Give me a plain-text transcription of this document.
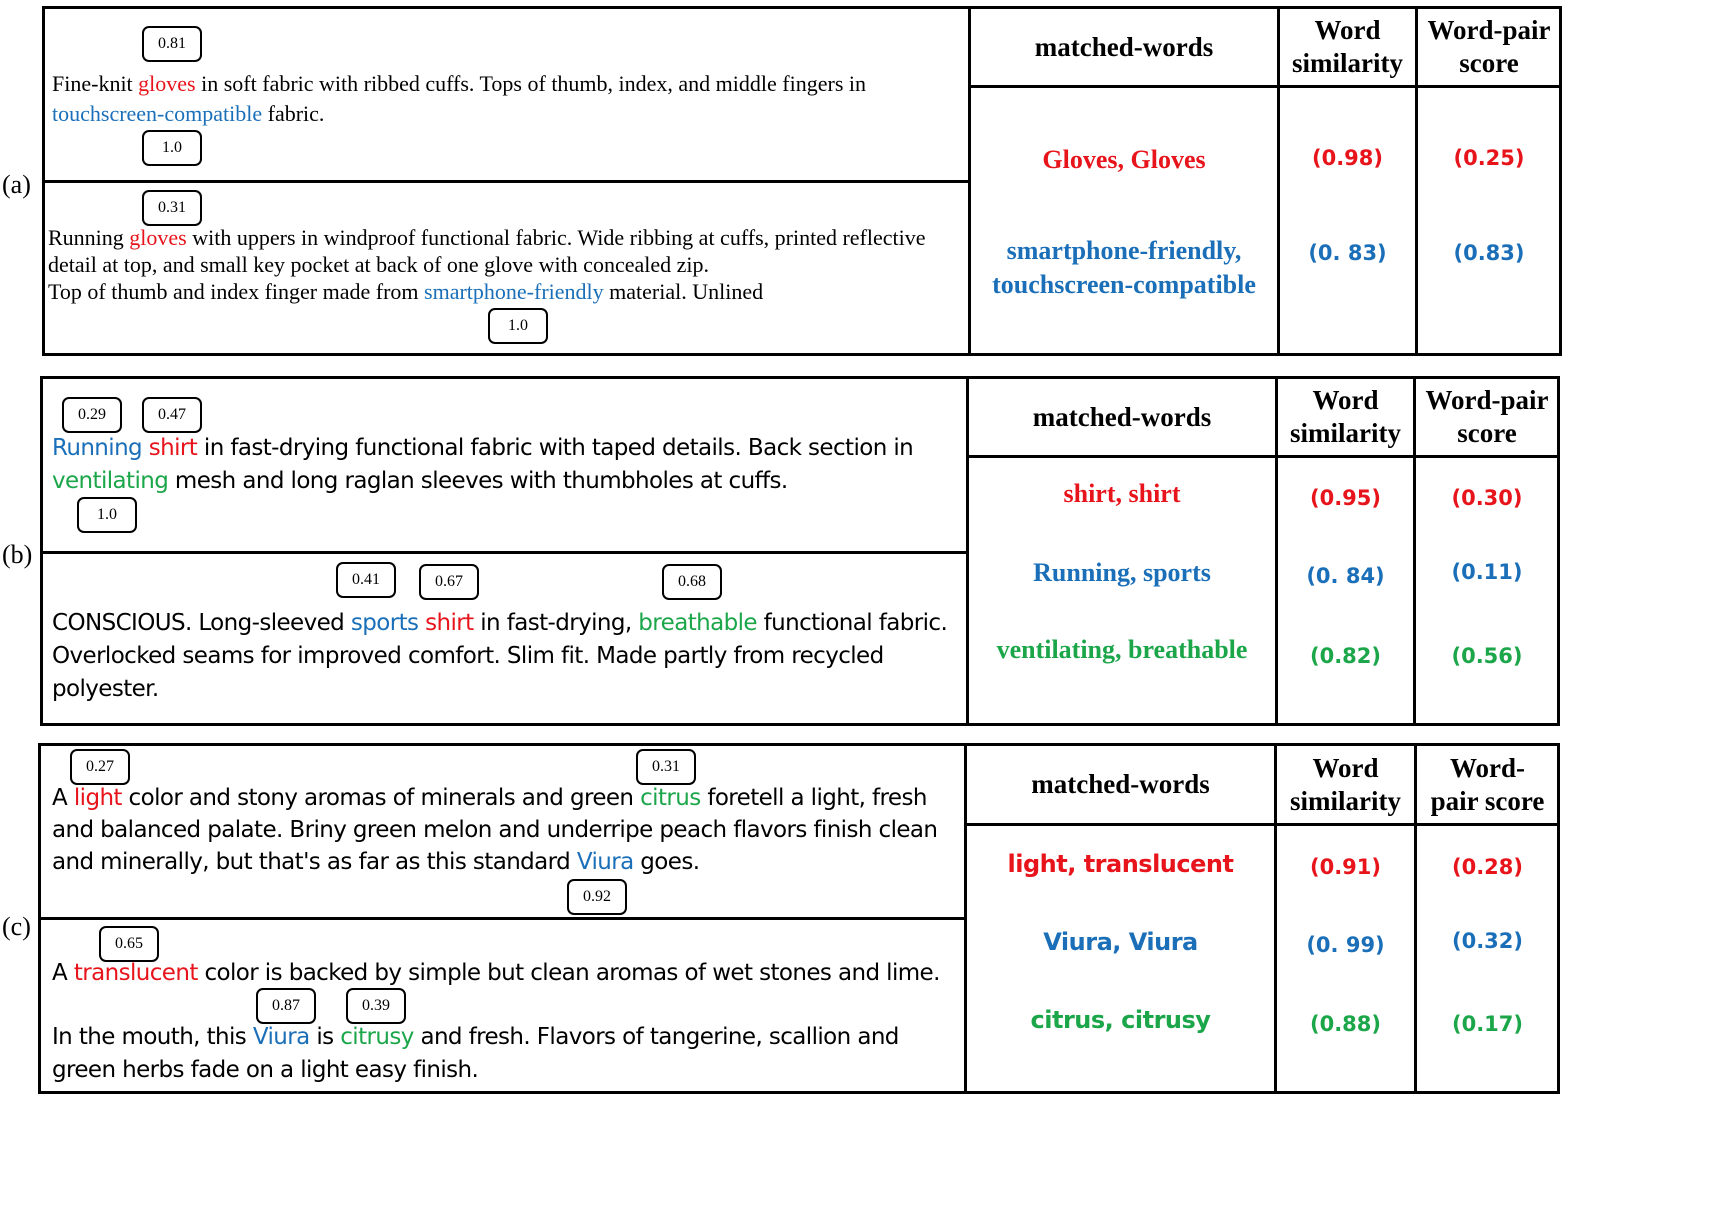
(a)
0.81
Fine-knit gloves in soft fabric with ribbed cuffs. Tops of thumb, index, and middle fingers in
touchscreen-compatible fabric.
1.0
0.31
Running gloves with uppers in windproof functional fabric. Wide ribbing at cuffs, printed reflective
detail at top, and small key pocket at back of one glove with concealed zip.
Top of thumb and index finger made from smartphone-friendly material. Unlined
1.0
matched-words
Word
similarity
Word-pair
score
Gloves, Gloves	(0.98)	(0.25)
smartphone-friendly,
touchscreen-compatible
(0. 83)	(0.83)
(b)
0.29	0.47
Running shirt in fast-drying functional fabric with taped details. Back section in
ventilating mesh and long raglan sleeves with thumbholes at cuffs.
1.0
0.41	0.67	0.68
CONSCIOUS. Long-sleeved sports shirt in fast-drying, breathable functional fabric.
Overlocked seams for improved comfort. Slim fit. Made partly from recycled
polyester.
matched-words
Word
similarity
Word-pair
score
shirt, shirt	(0.95)	(0.30)
Running, sports	(0. 84)	(0.11)
ventilating, breathable	(0.82)	(0.56)
(c)
0.27	0.31
A light color and stony aromas of minerals and green citrus foretell a light, fresh
and balanced palate. Briny green melon and underripe peach flavors finish clean
and minerally, but that's as far as this standard Viura goes.
0.92
0.65
A translucent color is backed by simple but clean aromas of wet stones and lime.
0.87	0.39
In the mouth, this Viura is citrusy and fresh. Flavors of tangerine, scallion and
green herbs fade on a light easy finish.
matched-words
Word
similarity
Word-
pair score
light, translucent	(0.91)	(0.28)
Viura, Viura	(0. 99)	(0.32)
citrus, citrusy	(0.88)	(0.17)
